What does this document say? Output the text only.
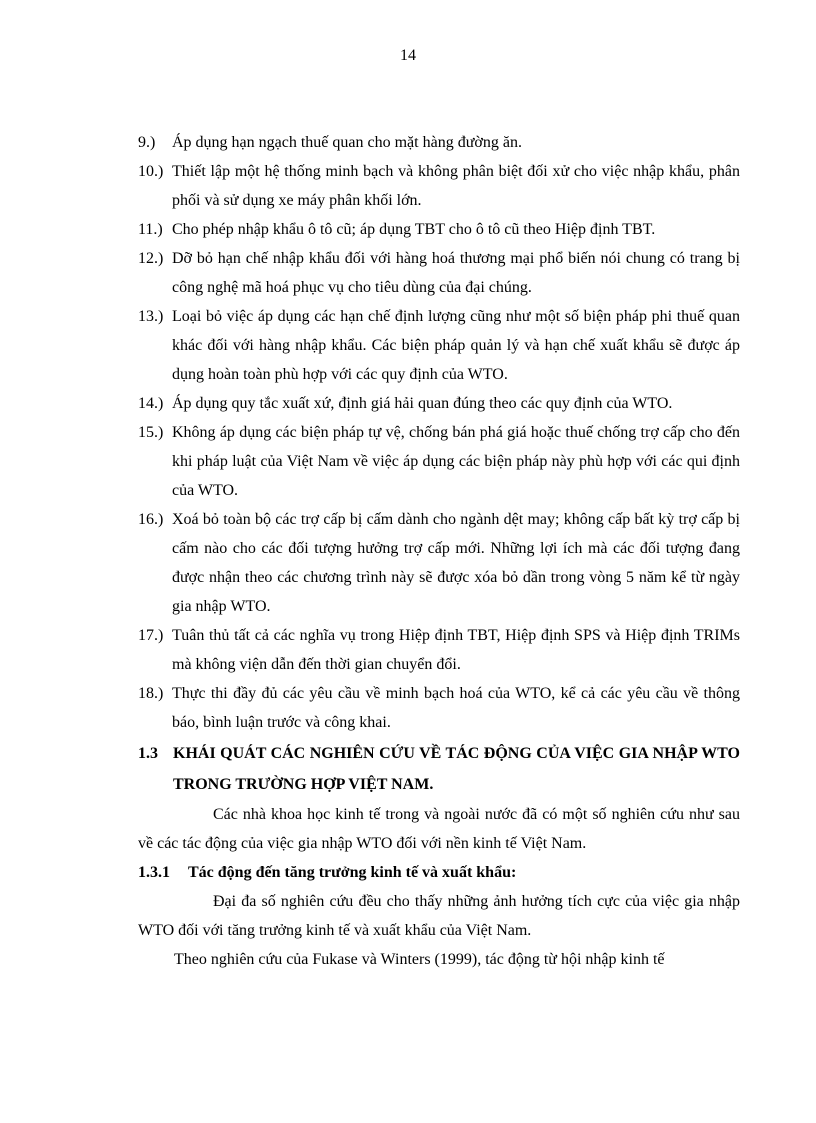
14
9.) Áp dụng hạn ngạch thuế quan cho mặt hàng đường ăn.
10.) Thiết lập một hệ thống minh bạch và không phân biệt đối xử cho việc nhập khẩu, phân phối và sử dụng xe máy phân khối lớn.
11.) Cho phép nhập khẩu ô tô cũ; áp dụng TBT cho ô tô cũ theo Hiệp định TBT.
12.) Dỡ bỏ hạn chế nhập khẩu đối với hàng hoá thương mại phổ biến nói chung có trang bị công nghệ mã hoá phục vụ cho tiêu dùng của đại chúng.
13.) Loại bỏ việc áp dụng các hạn chế định lượng cũng như một số biện pháp phi thuế quan khác đối với hàng nhập khẩu. Các biện pháp quản lý và hạn chế xuất khẩu sẽ được áp dụng hoàn toàn phù hợp với các quy định của WTO.
14.) Áp dụng quy tắc xuất xứ, định giá hải quan đúng theo các quy định của WTO.
15.) Không áp dụng các biện pháp tự vệ, chống bán phá giá hoặc thuế chống trợ cấp cho đến khi pháp luật của Việt Nam về việc áp dụng các biện pháp này phù hợp với các qui định của WTO.
16.) Xoá bỏ toàn bộ các trợ cấp bị cấm dành cho ngành dệt may; không cấp bất kỳ trợ cấp bị cấm nào cho các đối tượng hưởng trợ cấp mới. Những lợi ích mà các đối tượng đang được nhận theo các chương trình này sẽ được xóa bỏ dần trong vòng 5 năm kể từ ngày gia nhập WTO.
17.) Tuân thủ tất cả các nghĩa vụ trong Hiệp định TBT, Hiệp định SPS và Hiệp định TRIMs mà không viện dẫn đến thời gian chuyển đổi.
18.) Thực thi đầy đủ các yêu cầu về minh bạch hoá của WTO, kể cả các yêu cầu về thông báo, bình luận trước và công khai.
1.3 KHÁI QUÁT CÁC NGHIÊN CỨU VỀ TÁC ĐỘNG CỦA VIỆC GIA NHẬP WTO TRONG TRƯỜNG HỢP VIỆT NAM.
Các nhà khoa học kinh tế trong và ngoài nước đã có một số nghiên cứu như sau về các tác động của việc gia nhập WTO đối với nền kinh tế Việt Nam.
1.3.1 Tác động đến tăng trưởng kinh tế và xuất khẩu:
Đại đa số nghiên cứu đều cho thấy những ảnh hưởng tích cực của việc gia nhập WTO đối với tăng trưởng kinh tế và xuất khẩu của Việt Nam.
Theo nghiên cứu của Fukase và Winters (1999), tác động từ hội nhập kinh tế
